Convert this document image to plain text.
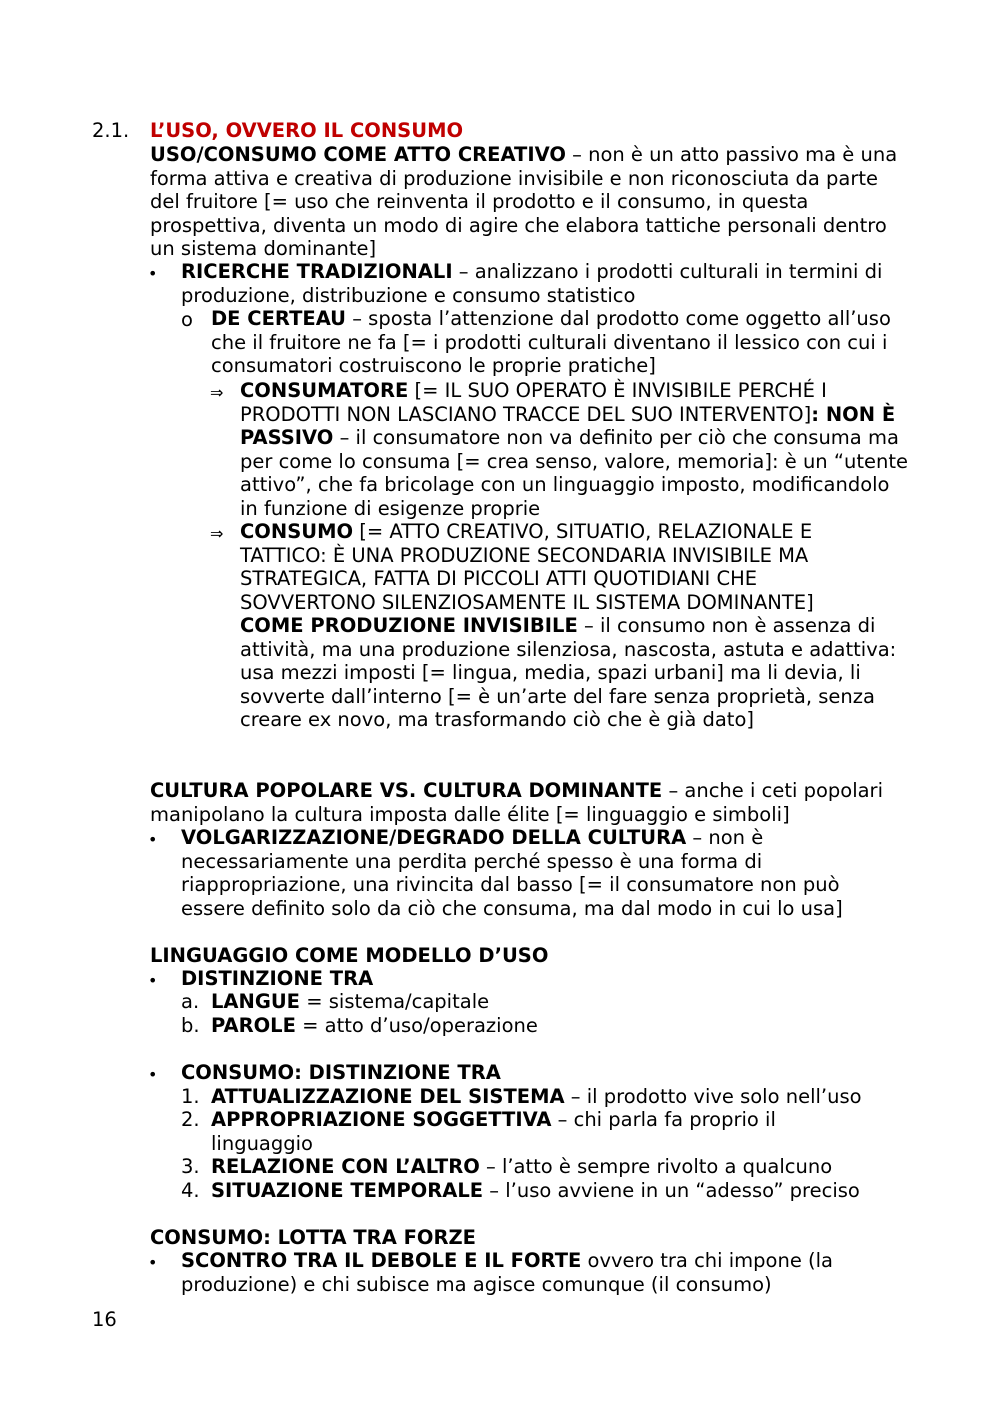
2.1. L’USO, OVVERO IL CONSUMO
USO/CONSUMO COME ATTO CREATIVO – non è un atto passivo ma è una forma attiva e creativa di produzione invisibile e non riconosciuta da parte del fruitore [= uso che reinventa il prodotto e il consumo, in questa prospettiva, diventa un modo di agire che elabora tattiche personali dentro un sistema dominante]
• RICERCHE TRADIZIONALI – analizzano i prodotti culturali in termini di produzione, distribuzione e consumo statistico
o DE CERTEAU – sposta l’attenzione dal prodotto come oggetto all’uso che il fruitore ne fa [= i prodotti culturali diventano il lessico con cui i consumatori costruiscono le proprie pratiche]
⇒ CONSUMATORE [= IL SUO OPERATO È INVISIBILE PERCHÉ I PRODOTTI NON LASCIANO TRACCE DEL SUO INTERVENTO]: NON È PASSIVO – il consumatore non va definito per ciò che consuma ma per come lo consuma [= crea senso, valore, memoria]: è un “utente attivo”, che fa bricolage con un linguaggio imposto, modificandolo in funzione di esigenze proprie
⇒ CONSUMO [= ATTO CREATIVO, SITUATIO, RELAZIONALE E TATTICO: È UNA PRODUZIONE SECONDARIA INVISIBILE MA STRATEGICA, FATTA DI PICCOLI ATTI QUOTIDIANI CHE SOVVERTONO SILENZIOSAMENTE IL SISTEMA DOMINANTE]
COME PRODUZIONE INVISIBILE – il consumo non è assenza di attività, ma una produzione silenziosa, nascosta, astuta e adattiva: usa mezzi imposti [= lingua, media, spazi urbani] ma li devia, li sovverte dall’interno [= è un’arte del fare senza proprietà, senza creare ex novo, ma trasformando ciò che è già dato]
CULTURA POPOLARE VS. CULTURA DOMINANTE – anche i ceti popolari manipolano la cultura imposta dalle élite [= linguaggio e simboli]
• VOLGARIZZAZIONE/DEGRADO DELLA CULTURA – non è necessariamente una perdita perché spesso è una forma di riappropriazione, una rivincita dal basso [= il consumatore non può essere definito solo da ciò che consuma, ma dal modo in cui lo usa]
LINGUAGGIO COME MODELLO D’USO
• DISTINZIONE TRA
a. LANGUE = sistema/capitale
b. PAROLE = atto d’uso/operazione
• CONSUMO: DISTINZIONE TRA
1. ATTUALIZZAZIONE DEL SISTEMA – il prodotto vive solo nell’uso
2. APPROPRIAZIONE SOGGETTIVA – chi parla fa proprio il linguaggio
3. RELAZIONE CON L’ALTRO – l’atto è sempre rivolto a qualcuno
4. SITUAZIONE TEMPORALE – l’uso avviene in un “adesso” preciso
CONSUMO: LOTTA TRA FORZE
• SCONTRO TRA IL DEBOLE E IL FORTE ovvero tra chi impone (la produzione) e chi subisce ma agisce comunque (il consumo)
16
